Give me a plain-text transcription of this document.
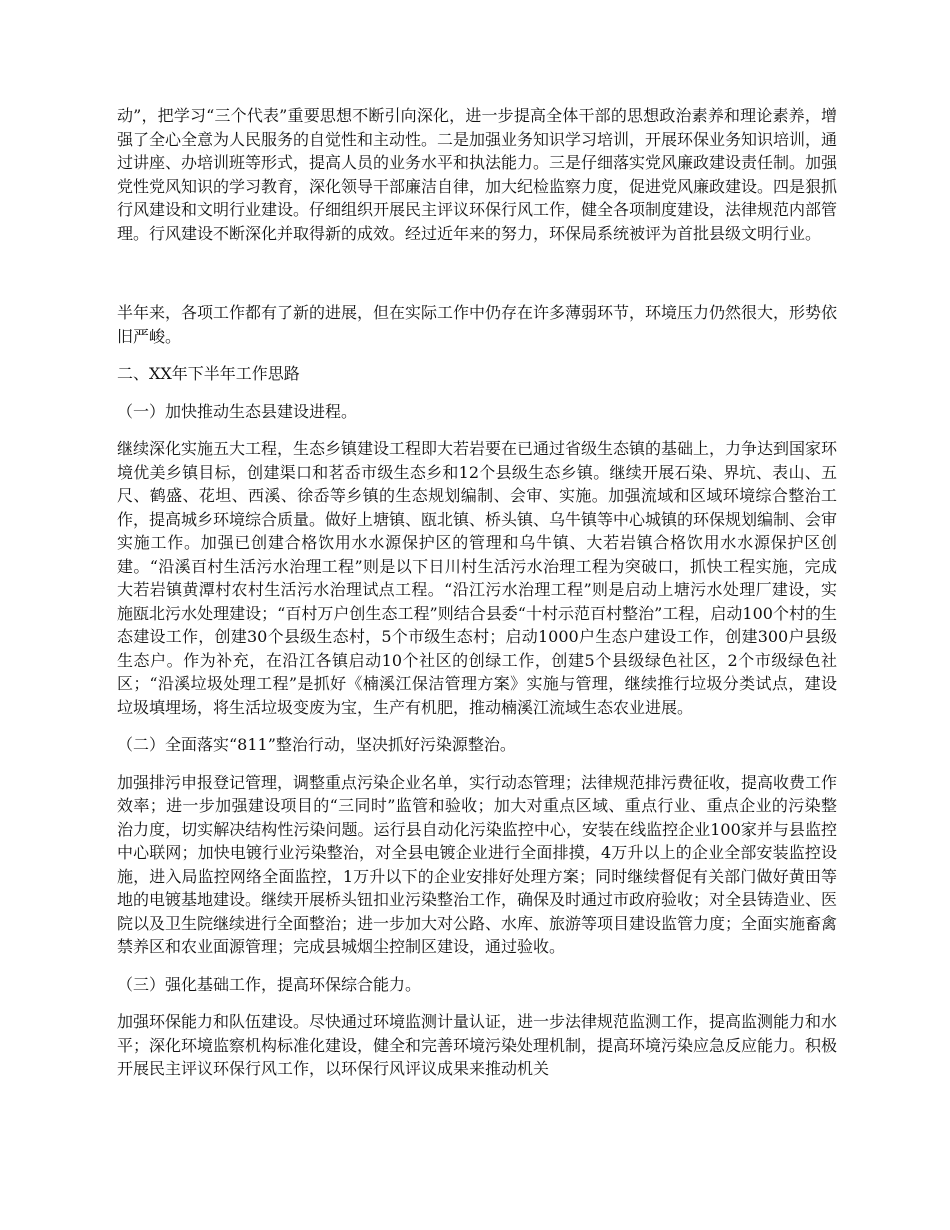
动”，把学习“三个代表”重要思想不断引向深化，进一步提高全体干部的思想政治素养和理论素养，增强了全心全意为人民服务的自觉性和主动性。二是加强业务知识学习培训，开展环保业务知识培训，通过讲座、办培训班等形式，提高人员的业务水平和执法能力。三是仔细落实党风廉政建设责任制。加强党性党风知识的学习教育，深化领导干部廉洁自律，加大纪检监察力度，促进党风廉政建设。四是狠抓行风建设和文明行业建设。仔细组织开展民主评议环保行风工作，健全各项制度建设，法律规范内部管理。行风建设不断深化并取得新的成效。经过近年来的努力，环保局系统被评为首批县级文明行业。

半年来，各项工作都有了新的进展，但在实际工作中仍存在许多薄弱环节，环境压力仍然很大，形势依旧严峻。

二、XX年下半年工作思路

（一）加快推动生态县建设进程。

继续深化实施五大工程，生态乡镇建设工程即大若岩要在已通过省级生态镇的基础上，力争达到国家环境优美乡镇目标，创建渠口和茗岙市级生态乡和12个县级生态乡镇。继续开展石染、界坑、表山、五尺、鹤盛、花坦、西溪、徐岙等乡镇的生态规划编制、会审、实施。加强流域和区域环境综合整治工作，提高城乡环境综合质量。做好上塘镇、瓯北镇、桥头镇、乌牛镇等中心城镇的环保规划编制、会审实施工作。加强已创建合格饮用水水源保护区的管理和乌牛镇、大若岩镇合格饮用水水源保护区创建。“沿溪百村生活污水治理工程”则是以下日川村生活污水治理工程为突破口，抓快工程实施，完成大若岩镇黄潭村农村生活污水治理试点工程。“沿江污水治理工程”则是启动上塘污水处理厂建设，实施瓯北污水处理建设；“百村万户创生态工程”则结合县委“十村示范百村整治”工程，启动100个村的生态建设工作，创建30个县级生态村，5个市级生态村；启动1000户生态户建设工作，创建300户县级生态户。作为补充，在沿江各镇启动10个社区的创绿工作，创建5个县级绿色社区，2个市级绿色社区；“沿溪垃圾处理工程”是抓好《楠溪江保洁管理方案》实施与管理，继续推行垃圾分类试点，建设垃圾填埋场，将生活垃圾变废为宝，生产有机肥，推动楠溪江流域生态农业进展。

（二）全面落实“811”整治行动，坚决抓好污染源整治。

加强排污申报登记管理，调整重点污染企业名单，实行动态管理；法律规范排污费征收，提高收费工作效率；进一步加强建设项目的“三同时”监管和验收；加大对重点区域、重点行业、重点企业的污染整治力度，切实解决结构性污染问题。运行县自动化污染监控中心，安装在线监控企业100家并与县监控中心联网；加快电镀行业污染整治，对全县电镀企业进行全面排摸，4万升以上的企业全部安装监控设施，进入局监控网络全面监控，1万升以下的企业安排好处理方案；同时继续督促有关部门做好黄田等地的电镀基地建设。继续开展桥头钮扣业污染整治工作，确保及时通过市政府验收；对全县铸造业、医院以及卫生院继续进行全面整治；进一步加大对公路、水库、旅游等项目建设监管力度；全面实施畜禽禁养区和农业面源管理；完成县城烟尘控制区建设，通过验收。

（三）强化基础工作，提高环保综合能力。

加强环保能力和队伍建设。尽快通过环境监测计量认证，进一步法律规范监测工作，提高监测能力和水平；深化环境监察机构标准化建设，健全和完善环境污染处理机制，提高环境污染应急反应能力。积极开展民主评议环保行风工作，以环保行风评议成果来推动机关
